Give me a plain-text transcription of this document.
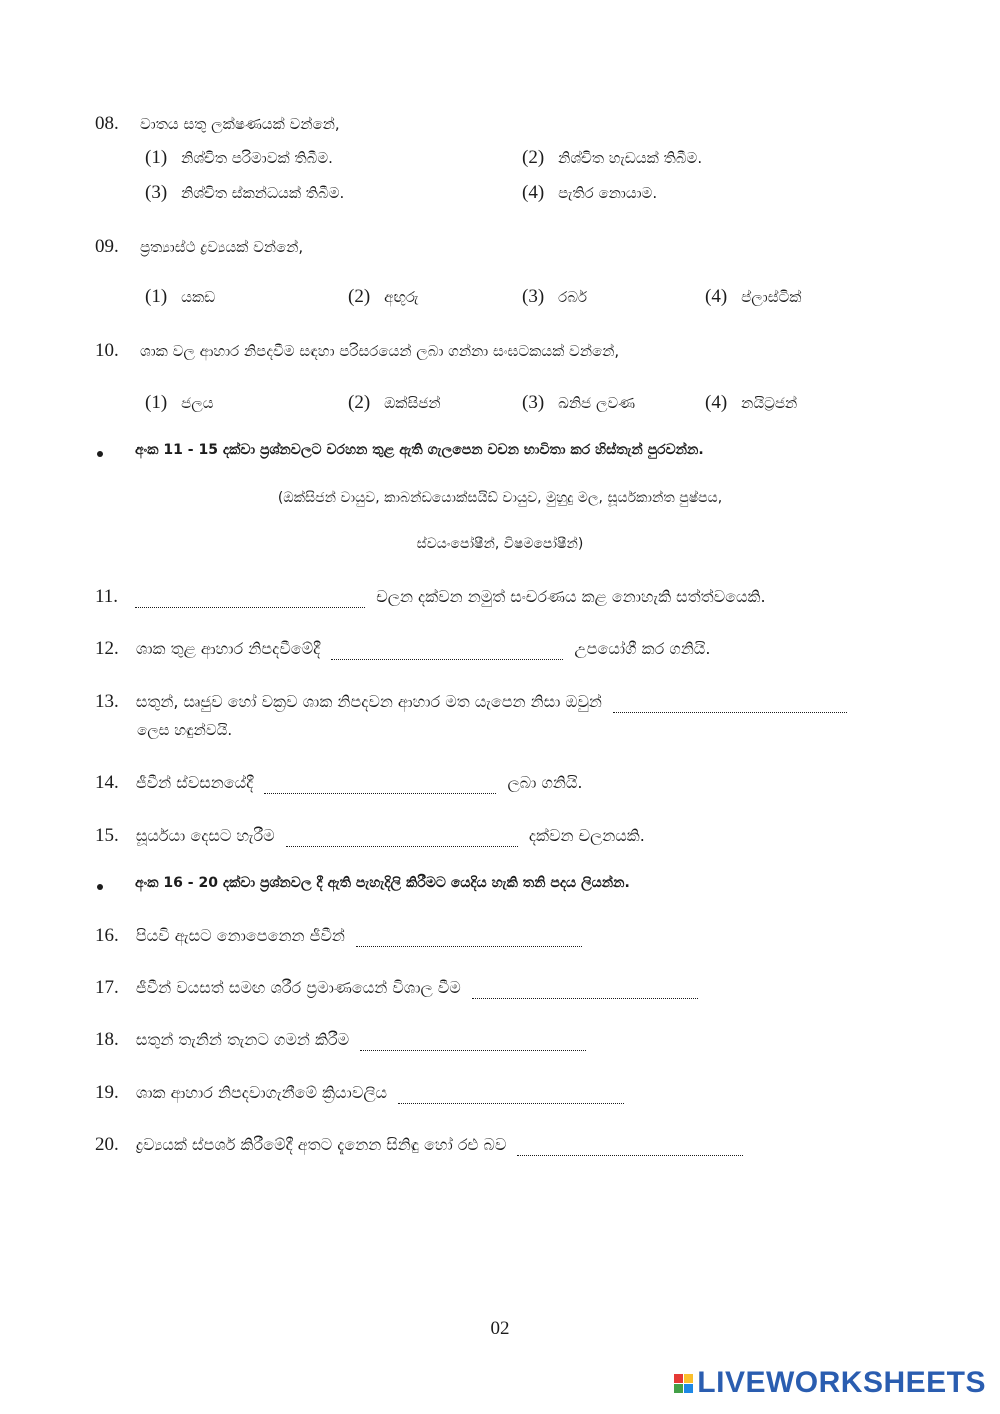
08. වාතය සතු ලක්ෂණයක් වන්නේ,
(1) නිශ්චිත පරිමාවක් තිබීම.	(2) නිශ්චිත හැඩයක් තිබීම.
(3) නිශ්චිත ස්කන්ධයක් තිබීම.	(4) පැතිර නොයාම.
09. ප්‍රත්‍යාස්ථ ද්‍රව්‍යයක් වන්නේ,
(1) යකඩ	(2) අඟුරු	(3) රබර්	(4) ප්ලාස්ටික්
10. ශාක වල ආහාර නිපදවීම සඳහා පරිසරයෙන් ලබා ගන්නා සංඝටකයක් වන්නේ,
(1) ජලය	(2) ඔක්සිජන්	(3) ඛනිජ ලවණ	(4) නයිට්‍රජන්
අංක 11 - 15 දක්වා ප්‍රශ්නවලට වරහන තුළ ඇති ගැලපෙන වචන භාවිතා කර හිස්තැන් පුරවන්න.
(ඔක්සිජන් වායුව, කාබන්ඩයොක්සයිඩ් වායුව, මුහුදු මල, සූර්යකාන්ත පුෂ්පය,
ස්වයංපෝෂීන්, විෂමපෝෂීන්)
11.	චලන දක්වන නමුත් සංචරණය කළ නොහැකි සත්ත්වයෙකි.
12. ශාක තුළ ආහාර නිපදවීමේදී	උපයෝගී කර ගනියි.
13. සතුන්, සෘජුව හෝ වක්‍රව ශාක නිපදවන ආහාර මත යැපෙන නිසා ඔවුන්
ලෙස හඳුන්වයි.
14. ජීවීන් ස්වසනයේදී	ලබා ගනියි.
15. සූර්යයා දෙසට හැරීම	දක්වන චලනයකි.
අංක 16 - 20 දක්වා ප්‍රශ්නවල දී ඇති පැහැදිලි කිරීමට යෙදිය හැකි තනි පදය ලියන්න.
16. පියවි ඇසට නොපෙනෙන ජීවීන්
17. ජීවීන් වයසත් සමඟ ශරීර ප්‍රමාණයෙන් විශාල වීම
18. සතුන් තැනින් තැනට ගමන් කිරීම
19. ශාක ආහාර නිපදවාගැනීමේ ක්‍රියාවලිය
20. ද්‍රව්‍යයක් ස්පර්ශ කිරීමේදී අතට දැනෙන සිනිඳු හෝ රළු බව
02
LIVEWORKSHEETS
